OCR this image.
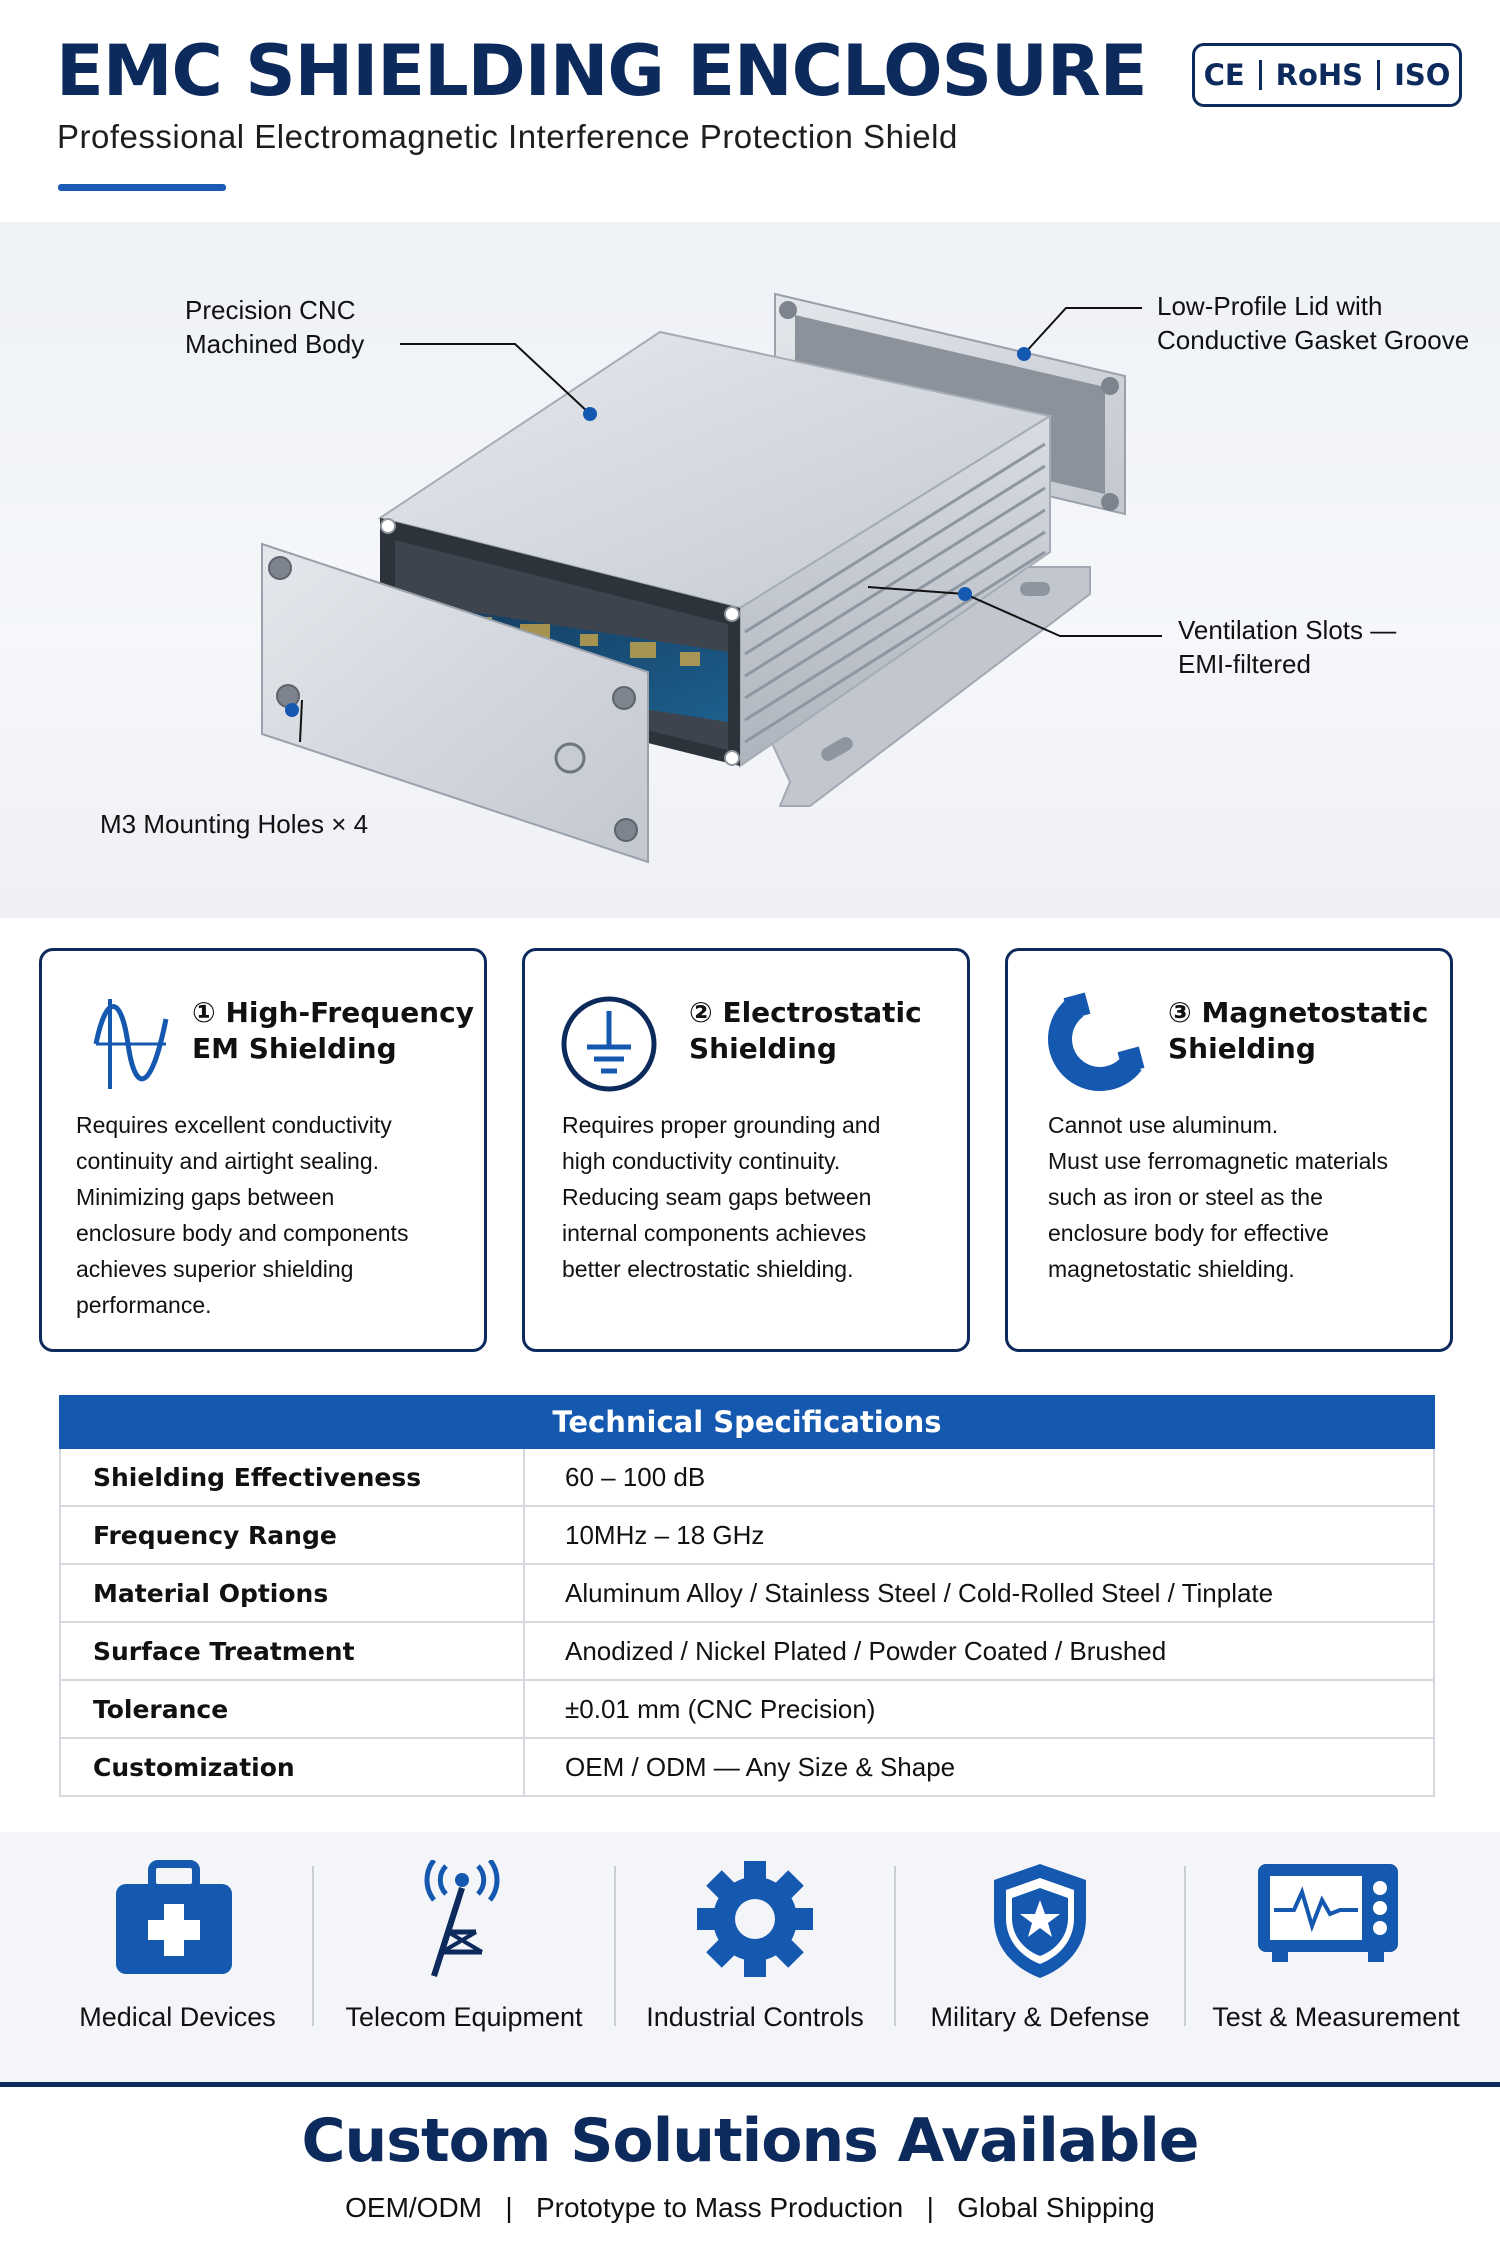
EMC SHIELDING ENCLOSURE
Professional Electromagnetic Interference Protection Shield
CE RoHS ISO
Precision CNC
Machined Body
Low-Profile Lid with
Conductive Gasket Groove
Ventilation Slots —
EMI-filtered
M3 Mounting Holes × 4
① High-Frequency
EM Shielding
Requires excellent conductivity
continuity and airtight sealing.
Minimizing gaps between
enclosure body and components
achieves superior shielding
performance.
② Electrostatic
Shielding
Requires proper grounding and
high conductivity continuity.
Reducing seam gaps between
internal components achieves
better electrostatic shielding.
③ Magnetostatic
Shielding
Cannot use aluminum.
Must use ferromagnetic materials
such as iron or steel as the
enclosure body for effective
magnetostatic shielding.
Technical Specifications
Shielding Effectiveness	60 – 100 dB
Frequency Range	10MHz – 18 GHz
Material Options	Aluminum Alloy / Stainless Steel / Cold-Rolled Steel / Tinplate
Surface Treatment	Anodized / Nickel Plated / Powder Coated / Brushed
Tolerance	±0.01 mm (CNC Precision)
Customization	OEM / ODM — Any Size & Shape
Medical Devices	Telecom Equipment	Industrial Controls	Military & Defense	Test & Measurement
Custom Solutions Available
OEM/ODM   |   Prototype to Mass Production   |   Global Shipping
